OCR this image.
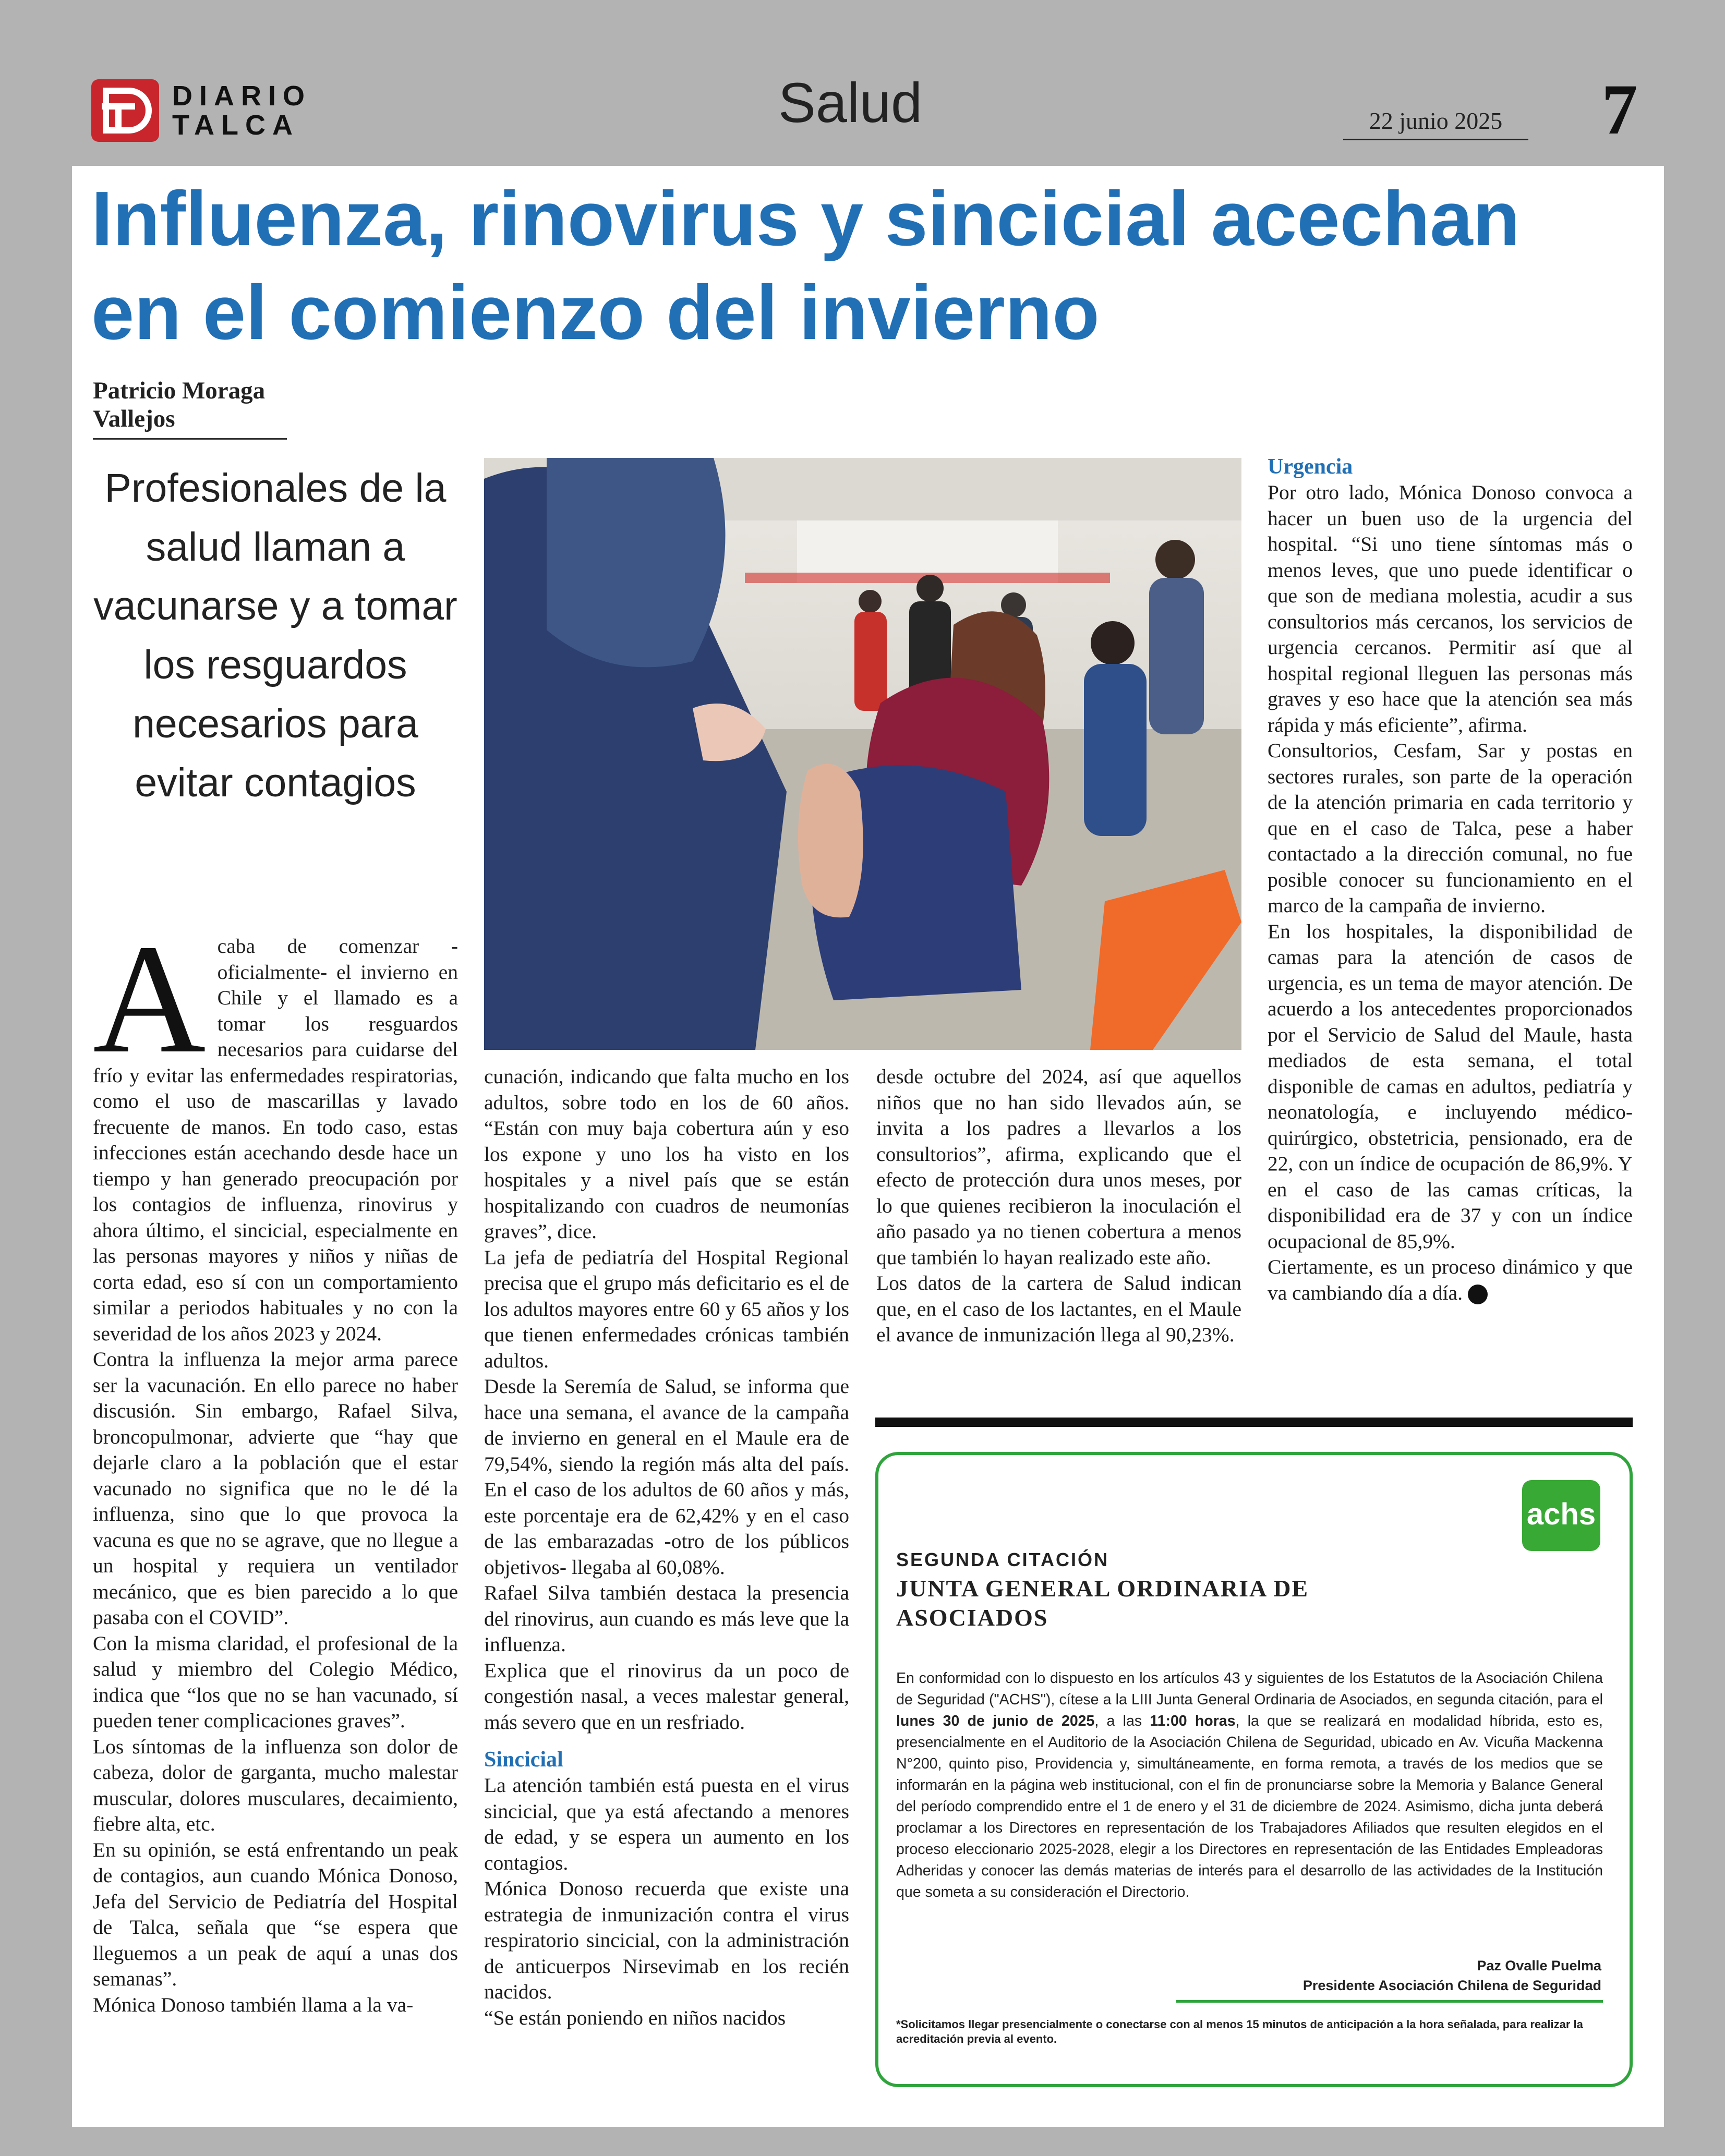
DIARIO
TALCA	Salud	22 junio 2025	7
Influenza, rinovirus y sincicial acechan en el comienzo del invierno
Patricio Moraga Vallejos
Profesionales de la salud llaman a vacunarse y a tomar los resguardos necesarios para evitar contagios
A caba de comenzar -oficialmente- el invierno en Chile y el llamado es a tomar los resguardos necesarios para cuidarse del frío y evitar las enfermedades respiratorias, como el uso de mascarillas y lavado frecuente de manos. En todo caso, estas infecciones están acechando desde hace un tiempo y han generado preocupación por los contagios de influenza, rinovirus y ahora último, el sincicial, especialmente en las personas mayores y niños y niñas de corta edad, eso sí con un comportamiento similar a periodos habituales y no con la severidad de los años 2023 y 2024.

Contra la influenza la mejor arma parece ser la vacunación. En ello parece no haber discusión. Sin embargo, Rafael Silva, broncopulmonar, advierte que “hay que dejarle claro a la población que el estar vacunado no significa que no le dé la influenza, sino que lo que provoca la vacuna es que no se agrave, que no llegue a un hospital y requiera un ventilador mecánico, que es bien parecido a lo que pasaba con el COVID”.

Con la misma claridad, el profesional de la salud y miembro del Colegio Médico, indica que “los que no se han vacunado, sí pueden tener complicaciones graves”.

Los síntomas de la influenza son dolor de cabeza, dolor de garganta, mucho malestar muscular, dolores musculares, decaimiento, fiebre alta, etc.

En su opinión, se está enfrentando un peak de contagios, aun cuando Mónica Donoso, Jefa del Servicio de Pediatría del Hospital de Talca, señala que “se espera que lleguemos a un peak de aquí a unas dos semanas”.

Mónica Donoso también llama a la va-

cunación, indicando que falta mucho en los adultos, sobre todo en los de 60 años. “Están con muy baja cobertura aún y eso los expone y uno los ha visto en los hospitales y a nivel país que se están hospitalizando con cuadros de neumonías graves”, dice.

La jefa de pediatría del Hospital Regional precisa que el grupo más deficitario es el de los adultos mayores entre 60 y 65 años y los que tienen enfermedades crónicas también adultos.

Desde la Seremía de Salud, se informa que hace una semana, el avance de la campaña de invierno en general en el Maule era de 79,54%, siendo la región más alta del país. En el caso de los adultos de 60 años y más, este porcentaje era de 62,42% y en el caso de las embarazadas -otro de los públicos objetivos- llegaba al 60,08%.

Rafael Silva también destaca la presencia del rinovirus, aun cuando es más leve que la influenza.

Explica que el rinovirus da un poco de congestión nasal, a veces malestar general, más severo que en un resfriado.

Sincicial

La atención también está puesta en el virus sincicial, que ya está afectando a menores de edad, y se espera un aumento en los contagios.

Mónica Donoso recuerda que existe una estrategia de inmunización contra el virus respiratorio sincicial, con la administración de anticuerpos Nirsevimab en los recién nacidos.

“Se están poniendo en niños nacidos

desde octubre del 2024, así que aquellos niños que no han sido llevados aún, se invita a los padres a llevarlos a los consultorios”, afirma, explicando que el efecto de protección dura unos meses, por lo que quienes recibieron la inoculación el año pasado ya no tienen cobertura a menos que también lo hayan realizado este año.

Los datos de la cartera de Salud indican que, en el caso de los lactantes, en el Maule el avance de inmunización llega al 90,23%.

Urgencia

Por otro lado, Mónica Donoso convoca a hacer un buen uso de la urgencia del hospital. “Si uno tiene síntomas más o menos leves, que uno puede identificar o que son de mediana molestia, acudir a sus consultorios más cercanos, los servicios de urgencia cercanos. Permitir así que al hospital regional lleguen las personas más graves y eso hace que la atención sea más rápida y más eficiente”, afirma.

Consultorios, Cesfam, Sar y postas en sectores rurales, son parte de la operación de la atención primaria en cada territorio y que en el caso de Talca, pese a haber contactado a la dirección comunal, no fue posible conocer su funcionamiento en el marco de la campaña de invierno.

En los hospitales, la disponibilidad de camas para la atención de casos de urgencia, es un tema de mayor atención. De acuerdo a los antecedentes proporcionados por el Servicio de Salud del Maule, hasta mediados de esta semana, el total disponible de camas en adultos, pediatría y neonatología, e incluyendo médico-quirúrgico, obstetricia, pensionado, era de 22, con un índice de ocupación de 86,9%. Y en el caso de las camas críticas, la disponibilidad era de 37 y con un índice ocupacional de 85,9%.

Ciertamente, es un proceso dinámico y que va cambiando día a día.

achs
SEGUNDA CITACIÓN
JUNTA GENERAL ORDINARIA DE ASOCIADOS
En conformidad con lo dispuesto en los artículos 43 y siguientes de los Estatutos de la Asociación Chilena de Seguridad ("ACHS"), cítese a la LIII Junta General Ordinaria de Asociados, en segunda citación, para el lunes 30 de junio de 2025, a las 11:00 horas, la que se realizará en modalidad híbrida, esto es, presencialmente en el Auditorio de la Asociación Chilena de Seguridad, ubicado en Av. Vicuña Mackenna N°200, quinto piso, Providencia y, simultáneamente, en forma remota, a través de los medios que se informarán en la página web institucional, con el fin de pronunciarse sobre la Memoria y Balance General del período comprendido entre el 1 de enero y el 31 de diciembre de 2024. Asimismo, dicha junta deberá proclamar a los Directores en representación de los Trabajadores Afiliados que resulten elegidos en el proceso eleccionario 2025-2028, elegir a los Directores en representación de las Entidades Empleadoras Adheridas y conocer las demás materias de interés para el desarrollo de las actividades de la Institución que someta a su consideración el Directorio.
Paz Ovalle Puelma
Presidente Asociación Chilena de Seguridad
*Solicitamos llegar presencialmente o conectarse con al menos 15 minutos de anticipación a la hora señalada, para realizar la acreditación previa al evento.
